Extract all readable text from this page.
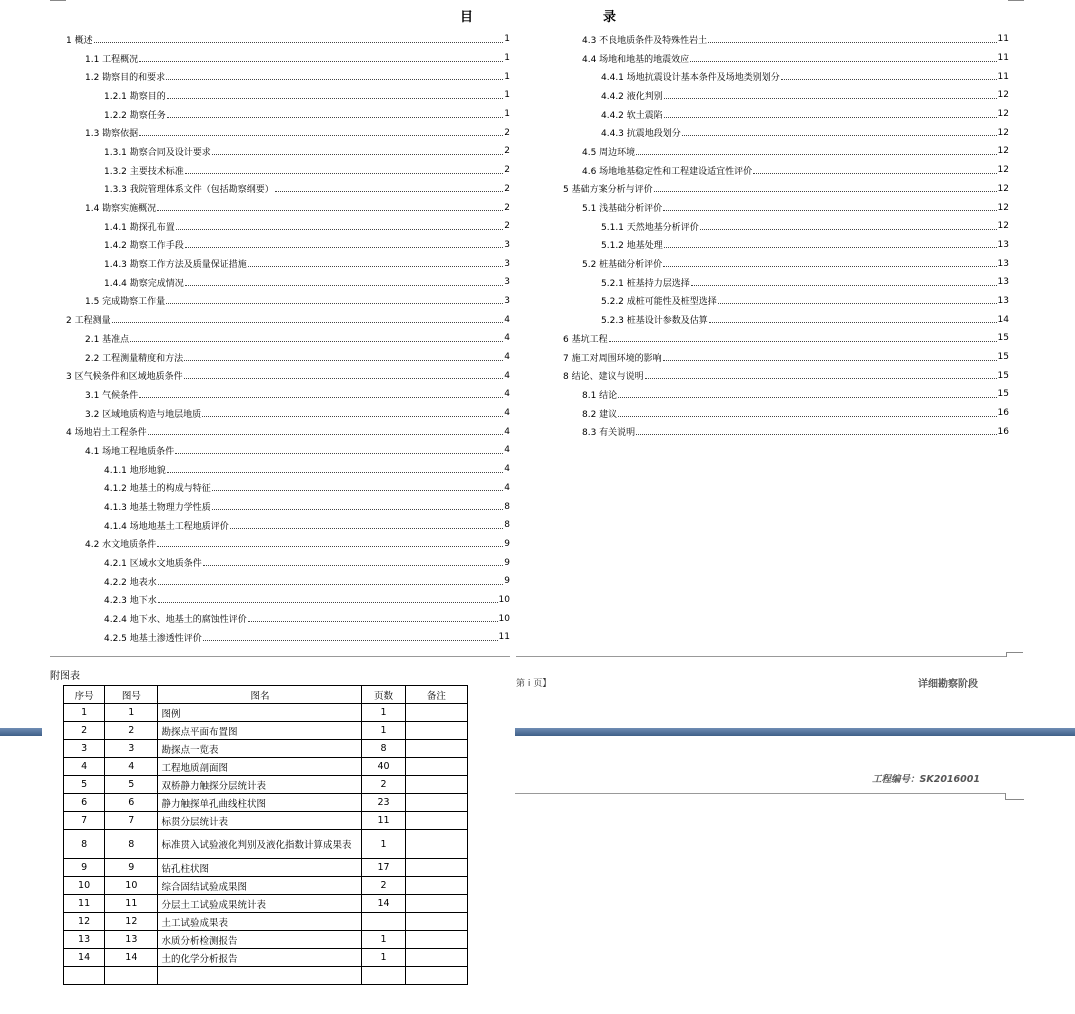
目	录
1 概述	1
1.1 工程概况	1
1.2 勘察目的和要求	1
1.2.1 勘察目的	1
1.2.2 勘察任务	1
1.3 勘察依据	2
1.3.1 勘察合同及设计要求	2
1.3.2 主要技术标准	2
1.3.3 我院管理体系文件（包括勘察纲要）	2
1.4 勘察实施概况	2
1.4.1 勘探孔布置	2
1.4.2 勘察工作手段	3
1.4.3 勘察工作方法及质量保证措施	3
1.4.4 勘察完成情况	3
1.5 完成勘察工作量	3
2 工程测量	4
2.1 基准点	4
2.2 工程测量精度和方法	4
3 区气候条件和区域地质条件	4
3.1 气候条件	4
3.2 区域地质构造与地层地质	4
4 场地岩土工程条件	4
4.1 场地工程地质条件	4
4.1.1 地形地貌	4
4.1.2 地基土的构成与特征	4
4.1.3 地基土物理力学性质	8
4.1.4 场地地基土工程地质评价	8
4.2 水文地质条件	9
4.2.1 区域水文地质条件	9
4.2.2 地表水	9
4.2.3 地下水	10
4.2.4 地下水、地基土的腐蚀性评价	10
4.2.5 地基土渗透性评价	11
4.3 不良地质条件及特殊性岩土	11
4.4 场地和地基的地震效应	11
4.4.1 场地抗震设计基本条件及场地类别划分	11
4.4.2 液化判别	12
4.4.2 软土震陷	12
4.4.3 抗震地段划分	12
4.5 周边环境	12
4.6 场地地基稳定性和工程建设适宜性评价	12
5 基础方案分析与评价	12
5.1 浅基础分析评价	12
5.1.1 天然地基分析评价	12
5.1.2 地基处理	13
5.2 桩基础分析评价	13
5.2.1 桩基持力层选择	13
5.2.2 成桩可能性及桩型选择	13
5.2.3 桩基设计参数及估算	14
6 基坑工程	15
7 施工对周围环境的影响	15
8 结论、建议与说明	15
8.1 结论	15
8.2 建议	16
8.3 有关说明	16
附图表
序号	图号	图名	页数	备注
1	1	图例	1	
2	2	勘探点平面布置图	1	
3	3	勘探点一览表	8	
4	4	工程地质剖面图	40	
5	5	双桥静力触探分层统计表	2	
6	6	静力触探单孔曲线柱状图	23	
7	7	标贯分层统计表	11	
8	8	标准贯入试验液化判别及液化指数计算成果表	1	
9	9	钻孔柱状图	17	
10	10	综合固结试验成果图	2	
11	11	分层土工试验成果统计表	14	
12	12	土工试验成果表		
13	13	水质分析检测报告	1	
14	14	土的化学分析报告	1	

第 i 页】	详细勘察阶段
工程编号：SK2016001
